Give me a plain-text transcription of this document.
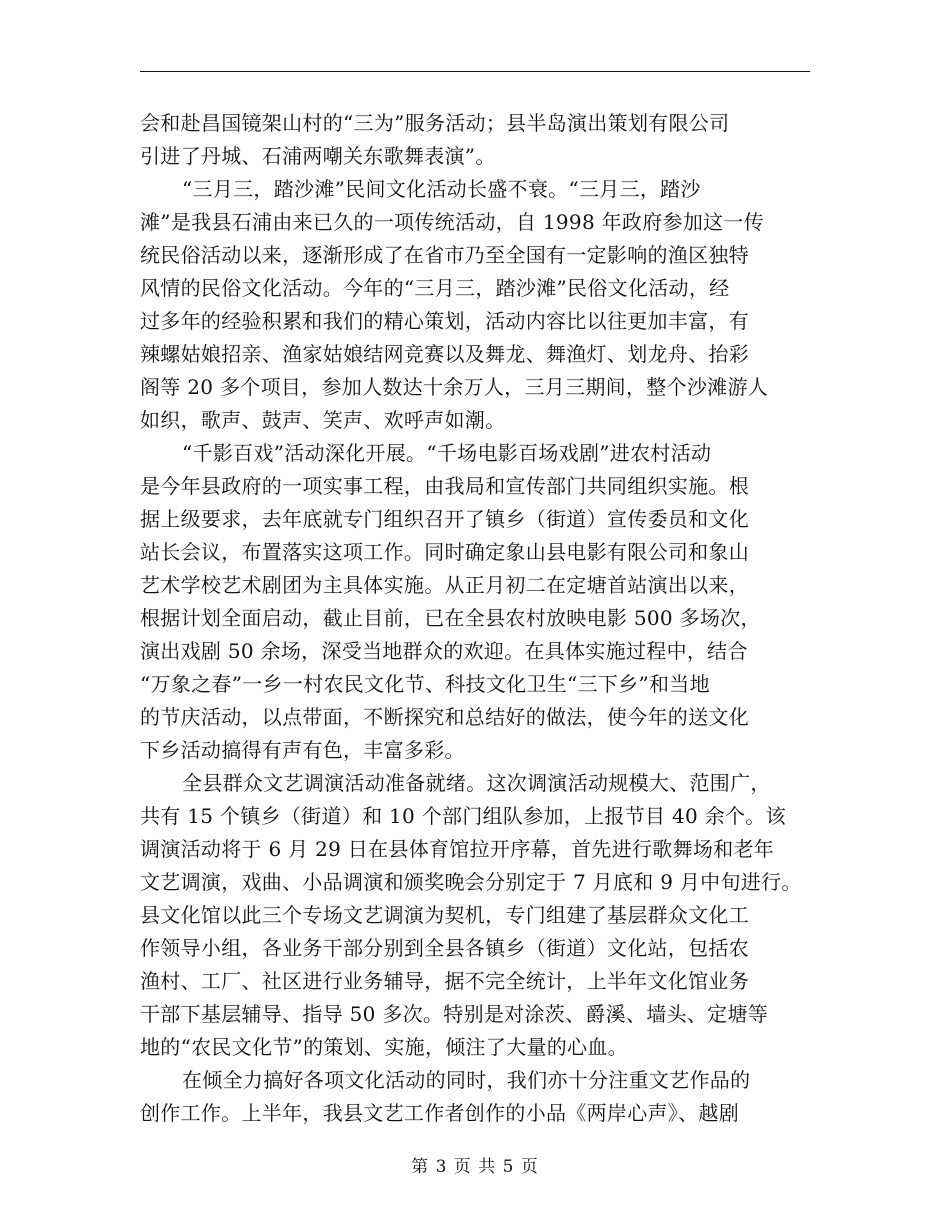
会和赴昌国镜架山村的“三为”服务活动；县半岛演出策划有限公司
引进了丹城、石浦两嘲关东歌舞表演”。
“三月三，踏沙滩”民间文化活动长盛不衰。“三月三，踏沙
滩”是我县石浦由来已久的一项传统活动，自 1998 年政府参加这一传
统民俗活动以来，逐渐形成了在省市乃至全国有一定影响的渔区独特
风情的民俗文化活动。今年的“三月三，踏沙滩”民俗文化活动，经
过多年的经验积累和我们的精心策划，活动内容比以往更加丰富，有
辣螺姑娘招亲、渔家姑娘结网竞赛以及舞龙、舞渔灯、划龙舟、抬彩
阁等 20 多个项目，参加人数达十余万人，三月三期间，整个沙滩游人
如织，歌声、鼓声、笑声、欢呼声如潮。
“千影百戏”活动深化开展。“千场电影百场戏剧”进农村活动
是今年县政府的一项实事工程，由我局和宣传部门共同组织实施。根
据上级要求，去年底就专门组织召开了镇乡（街道）宣传委员和文化
站长会议，布置落实这项工作。同时确定象山县电影有限公司和象山
艺术学校艺术剧团为主具体实施。从正月初二在定塘首站演出以来，
根据计划全面启动，截止目前，已在全县农村放映电影 500 多场次，
演出戏剧 50 余场，深受当地群众的欢迎。在具体实施过程中，结合
“万象之春”一乡一村农民文化节、科技文化卫生“三下乡”和当地
的节庆活动，以点带面，不断探究和总结好的做法，使今年的送文化
下乡活动搞得有声有色，丰富多彩。
全县群众文艺调演活动准备就绪。这次调演活动规模大、范围广，
共有 15 个镇乡（街道）和 10 个部门组队参加，上报节目 40 余个。该
调演活动将于 6 月 29 日在县体育馆拉开序幕，首先进行歌舞场和老年
文艺调演，戏曲、小品调演和颁奖晚会分别定于 7 月底和 9 月中旬进行。
县文化馆以此三个专场文艺调演为契机，专门组建了基层群众文化工
作领导小组，各业务干部分别到全县各镇乡（街道）文化站，包括农
渔村、工厂、社区进行业务辅导，据不完全统计，上半年文化馆业务
干部下基层辅导、指导 50 多次。特别是对涂茨、爵溪、墙头、定塘等
地的“农民文化节”的策划、实施，倾注了大量的心血。
在倾全力搞好各项文化活动的同时，我们亦十分注重文艺作品的
创作工作。上半年，我县文艺工作者创作的小品《两岸心声》、越剧
第 3 页 共 5 页
